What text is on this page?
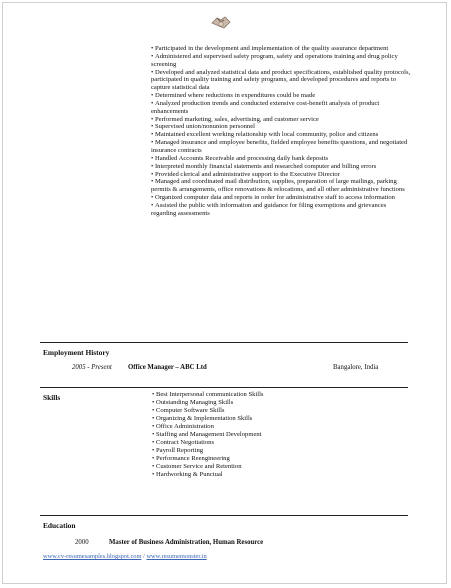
• Participated in the development and implementation of the quality assurance department
• Administered and supervised safety program, safety and operations training and drug policy screening
• Developed and analyzed statistical data and product specifications, established quality protocols, participated in quality training and safety programs, and developed procedures and reports to capture statistical data
• Determined where reductions in expenditures could be made
• Analyzed production trends and conducted extensive cost-benefit analysis of product enhancements
• Performed marketing, sales, advertising, and customer service
• Supervised union/nonunion personnel
• Maintained excellent working relationship with local community, police and citizens
• Managed insurance and employee benefits, fielded employee benefits questions, and negotiated insurance contracts
• Handled Accounts Receivable and processing daily bank deposits
• Interpreted monthly financial statements and researched computer and billing errors
• Provided clerical and administrative support to the Executive Director
• Managed and coordinated mail distribution, supplies, preparation of large mailings, parking permits & arrangements, office renovations & relocations, and all other administrative functions
• Organized computer data and reports in order for administrative staff to access information
• Assisted the public with information and guidance for filing exemptions and grievances regarding assessments
Employment History
2005 - Present Office Manager – ABC Ltd	Bangalore, India
Skills
•	Best Interpersonal communication Skills
• Outstanding Managing Skills
• Computer Software Skills
• Organizing & Implementation Skills
• Office Administration
• Staffing and Management Development
• Contract Negotiations
• Payroll Reporting
• Performance Reengineering
• Customer Service and Retention
• Hardworking & Punctual
Education
2000	Master of Business Administration, Human Resource
www.cv-resumesamples.blogspot.com / www.resumemonster.in
